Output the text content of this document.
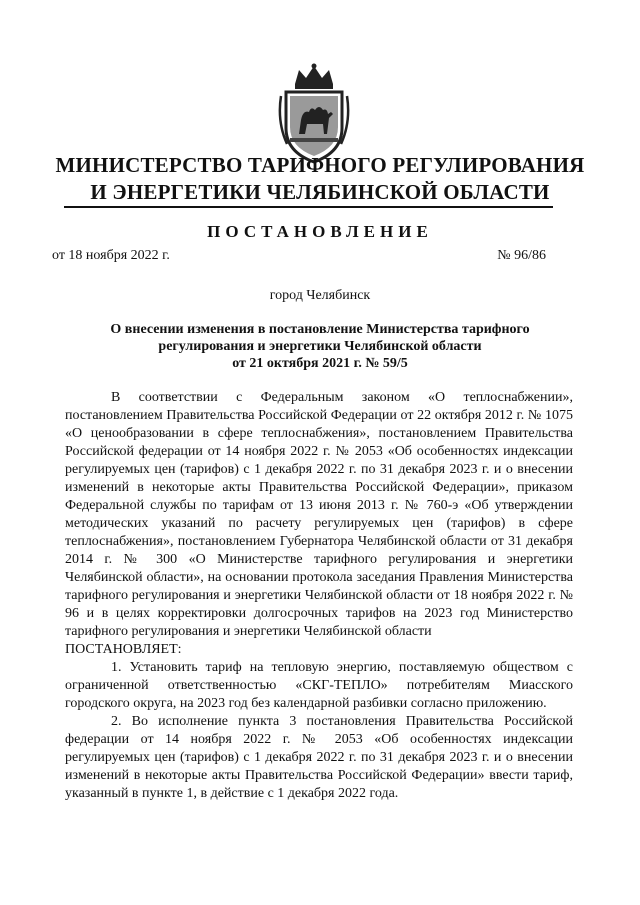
МИНИСТЕРСТВО ТАРИФНОГО РЕГУЛИРОВАНИЯ
И ЭНЕРГЕТИКИ ЧЕЛЯБИНСКОЙ ОБЛАСТИ
ПОСТАНОВЛЕНИЕ
от 18 ноября 2022 г.	№ 96/86
город Челябинск
О внесении изменения в постановление Министерства тарифного
регулирования и энергетики Челябинской области
от 21 октября 2021 г. № 59/5

В соответствии с Федеральным законом «О теплоснабжении», постановлением Правительства Российской Федерации от 22 октября 2012 г. № 1075 «О ценообразовании в сфере теплоснабжения», постановлением Правительства Российской федерации от 14 ноября 2022 г. № 2053 «Об особенностях индексации регулируемых цен (тарифов) с 1 декабря 2022 г. по 31 декабря 2023 г. и о внесении изменений в некоторые акты Правительства Российской Федерации», приказом Федеральной службы по тарифам от 13 июня 2013 г. № 760-э «Об утверждении методических указаний по расчету регулируемых цен (тарифов) в сфере теплоснабжения», постановлением Губернатора Челябинской области от 31 декабря 2014 г. № 300 «О Министерстве тарифного регулирования и энергетики Челябинской области», на основании протокола заседания Правления Министерства тарифного регулирования и энергетики Челябинской области от 18 ноября 2022 г. № 96 и в целях корректировки долгосрочных тарифов на 2023 год Министерство тарифного регулирования и энергетики Челябинской области

ПОСТАНОВЛЯЕТ:

1. Установить тариф на тепловую энергию, поставляемую обществом с ограниченной ответственностью «СКГ-ТЕПЛО» потребителям Миасского городского округа, на 2023 год без календарной разбивки согласно приложению.

2. Во исполнение пункта 3 постановления Правительства Российской федерации от 14 ноября 2022 г. № 2053 «Об особенностях индексации регулируемых цен (тарифов) с 1 декабря 2022 г. по 31 декабря 2023 г. и о внесении изменений в некоторые акты Правительства Российской Федерации» ввести тариф, указанный в пункте 1, в действие с 1 декабря 2022 года.
